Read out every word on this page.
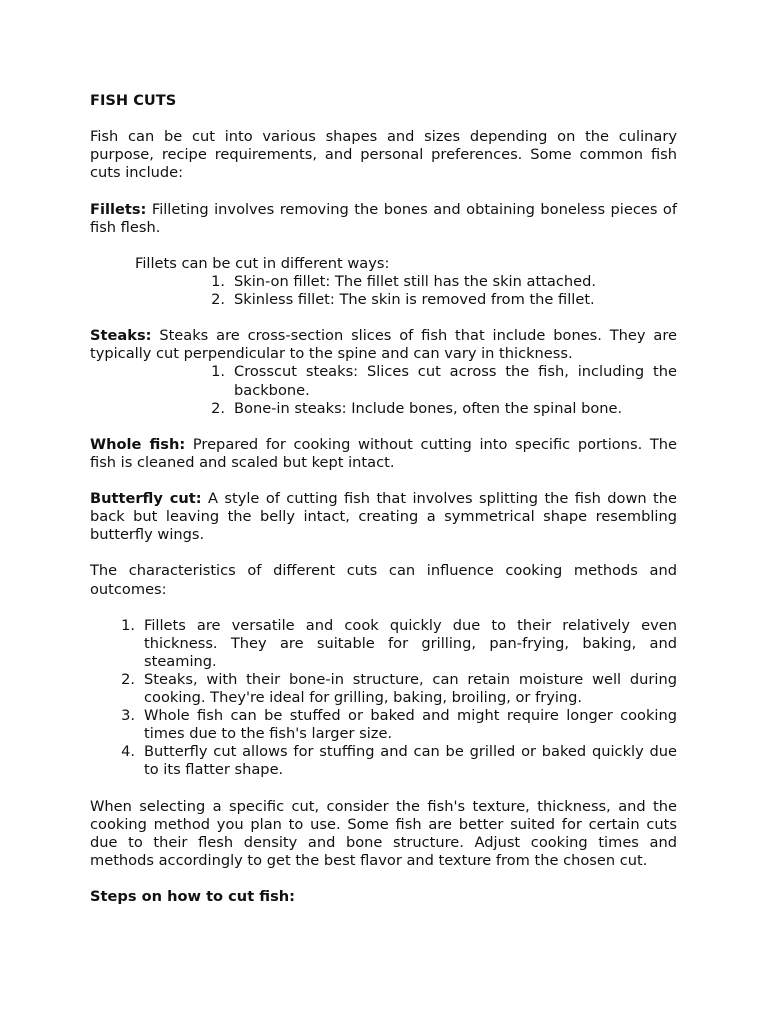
FISH CUTS

Fish can be cut into various shapes and sizes depending on the culinary purpose, recipe requirements, and personal preferences. Some common fish cuts include:

Fillets: Filleting involves removing the bones and obtaining boneless pieces of fish flesh.

Fillets can be cut in different ways:

1. Skin-on fillet: The fillet still has the skin attached.
2. Skinless fillet: The skin is removed from the fillet.

Steaks: Steaks are cross-section slices of fish that include bones. They are typically cut perpendicular to the spine and can vary in thickness.

1. Crosscut steaks: Slices cut across the fish, including the backbone.
2. Bone-in steaks: Include bones, often the spinal bone.

Whole fish: Prepared for cooking without cutting into specific portions. The fish is cleaned and scaled but kept intact.

Butterfly cut: A style of cutting fish that involves splitting the fish down the back but leaving the belly intact, creating a symmetrical shape resembling butterfly wings.

The characteristics of different cuts can influence cooking methods and outcomes:

1. Fillets are versatile and cook quickly due to their relatively even thickness. They are suitable for grilling, pan-frying, baking, and steaming.
2. Steaks, with their bone-in structure, can retain moisture well during cooking. They're ideal for grilling, baking, broiling, or frying.
3. Whole fish can be stuffed or baked and might require longer cooking times due to the fish's larger size.
4. Butterfly cut allows for stuffing and can be grilled or baked quickly due to its flatter shape.

When selecting a specific cut, consider the fish's texture, thickness, and the cooking method you plan to use. Some fish are better suited for certain cuts due to their flesh density and bone structure. Adjust cooking times and methods accordingly to get the best flavor and texture from the chosen cut.

Steps on how to cut fish:
